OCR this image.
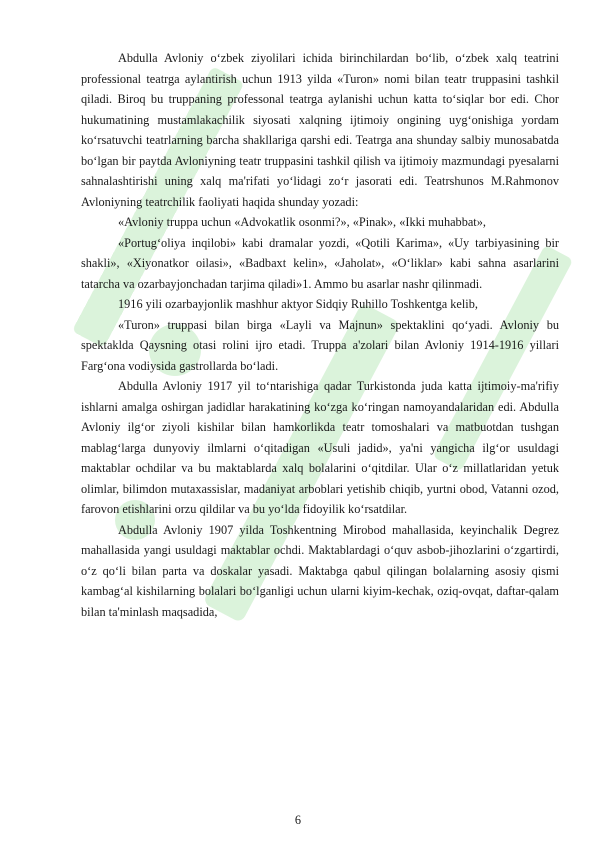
Abdulla Avloniy o‘zbek ziyolilari ichida birinchilardan bo‘lib, o‘zbek xalq teatrini professional teatrga aylantirish uchun 1913 yilda «Turon» nomi bilan teatr truppasini tashkil qiladi. Biroq bu truppaning professonal teatrga aylanishi uchun katta to‘siqlar bor edi. Chor hukumatining mustamlakachilik siyosati xalqning ijtimoiy ongining uyg‘onishiga yordam ko‘rsatuvchi teatrlarning barcha shakllariga qarshi edi. Teatrga ana shunday salbiy munosabatda bo‘lgan bir paytda Avloniyning teatr truppasini tashkil qilish va ijtimoiy mazmundagi pyesalarni sahnalashtirishi uning xalq ma'rifati yo‘lidagi zo‘r jasorati edi. Teatrshunos M.Rahmonov Avloniyning teatrchilik faoliyati haqida shunday yozadi:

«Avloniy truppa uchun «Advokatlik osonmi?», «Pinak», «Ikki muhabbat»,

«Portug‘oliya inqilobi» kabi dramalar yozdi, «Qotili Karima», «Uy tarbiyasining bir shakli», «Xiyonatkor oilasi», «Badbaxt kelin», «Jaholat», «O‘liklar» kabi sahna asarlarini tatarcha va ozarbayjonchadan tarjima qiladi»1. Ammo bu asarlar nashr qilinmadi.

1916 yili ozarbayjonlik mashhur aktyor Sidqiy Ruhillo Toshkentga kelib,

«Turon» truppasi bilan birga «Layli va Majnun» spektaklini qo‘yadi. Avloniy bu spektaklda Qaysning otasi rolini ijro etadi. Truppa a'zolari bilan Avloniy 1914-1916 yillari Farg‘ona vodiysida gastrollarda bo‘ladi.

Abdulla Avloniy 1917 yil to‘ntarishiga qadar Turkistonda juda katta ijtimoiy-ma'rifiy ishlarni amalga oshirgan jadidlar harakatining ko‘zga ko‘ringan namoyandalaridan edi. Abdulla Avloniy ilg‘or ziyoli kishilar bilan hamkorlikda teatr tomoshalari va matbuotdan tushgan mablag‘larga dunyoviy ilmlarni o‘qitadigan «Usuli jadid», ya'ni yangicha ilg‘or usuldagi maktablar ochdilar va bu maktablarda xalq bolalarini o‘qitdilar. Ular o‘z millatlaridan yetuk olimlar, bilimdon mutaxassislar, madaniyat arboblari yetishib chiqib, yurtni obod, Vatanni ozod, farovon etishlarini orzu qildilar va bu yo‘lda fidoyilik ko‘rsatdilar.

Abdulla Avloniy 1907 yilda Toshkentning Mirobod mahallasida, keyinchalik Degrez mahallasida yangi usuldagi maktablar ochdi. Maktablardagi o‘quv asbob-jihozlarini o‘zgartirdi, o‘z qo‘li bilan parta va doskalar yasadi. Maktabga qabul qilingan bolalarning asosiy qismi kambag‘al kishilarning bolalari bo‘lganligi uchun ularni kiyim-kechak, oziq-ovqat, daftar-qalam bilan ta'minlash maqsadida,

6
